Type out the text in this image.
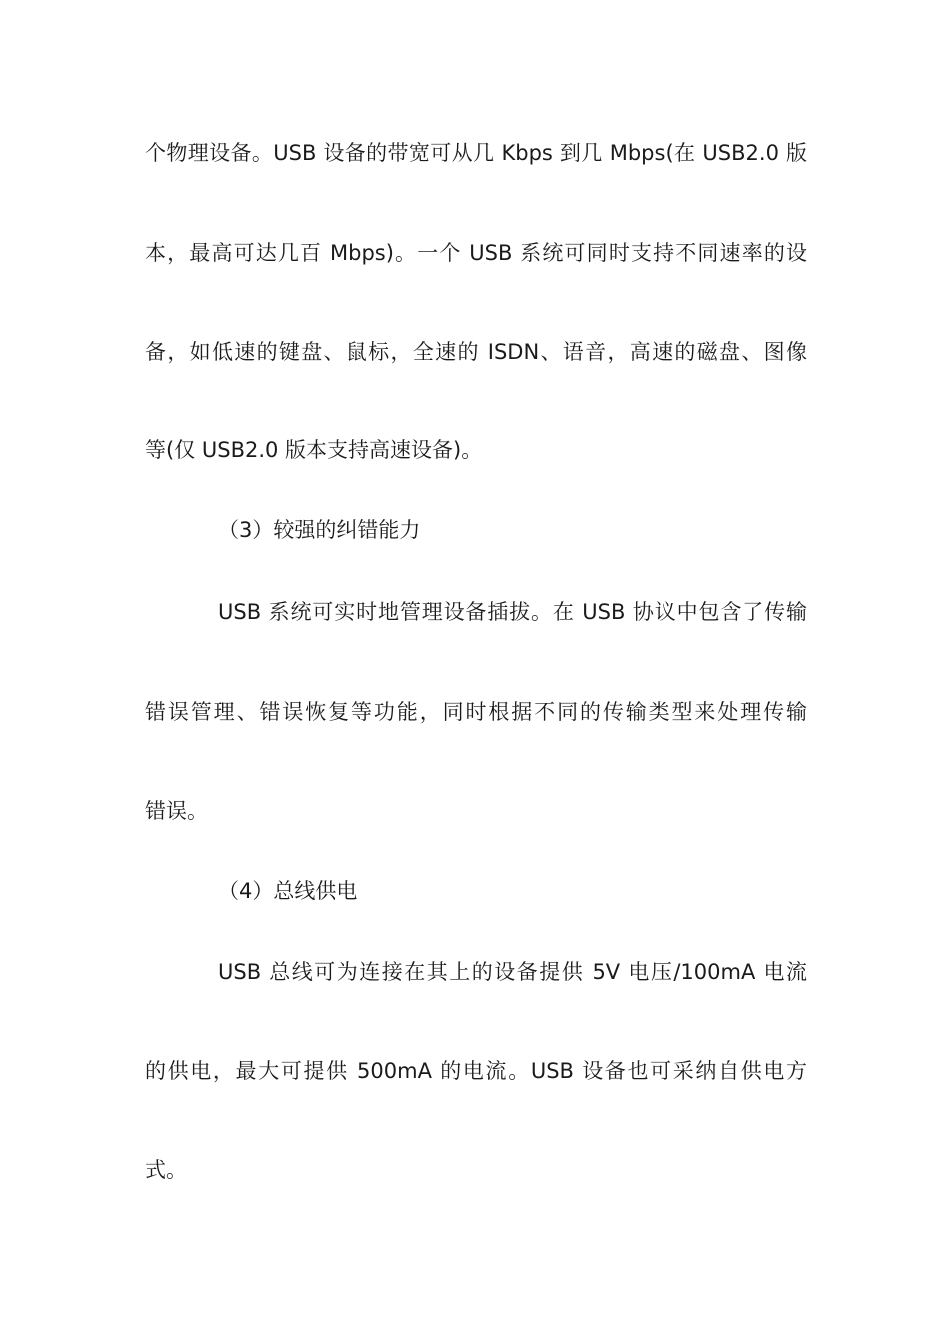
个物理设备。USB 设备的带宽可从几 Kbps 到几 Mbps(在 USB2.0 版
本，最高可达几百 Mbps)。一个 USB 系统可同时支持不同速率的设
备，如低速的键盘、鼠标，全速的 ISDN、语音，高速的磁盘、图像
等(仅 USB2.0 版本支持高速设备)。
（3）较强的纠错能力
USB 系统可实时地管理设备插拔。在 USB 协议中包含了传输
错误管理、错误恢复等功能，同时根据不同的传输类型来处理传输
错误。
（4）总线供电
USB 总线可为连接在其上的设备提供 5V 电压/100mA 电流
的供电，最大可提供 500mA 的电流。USB 设备也可采纳自供电方
式。
